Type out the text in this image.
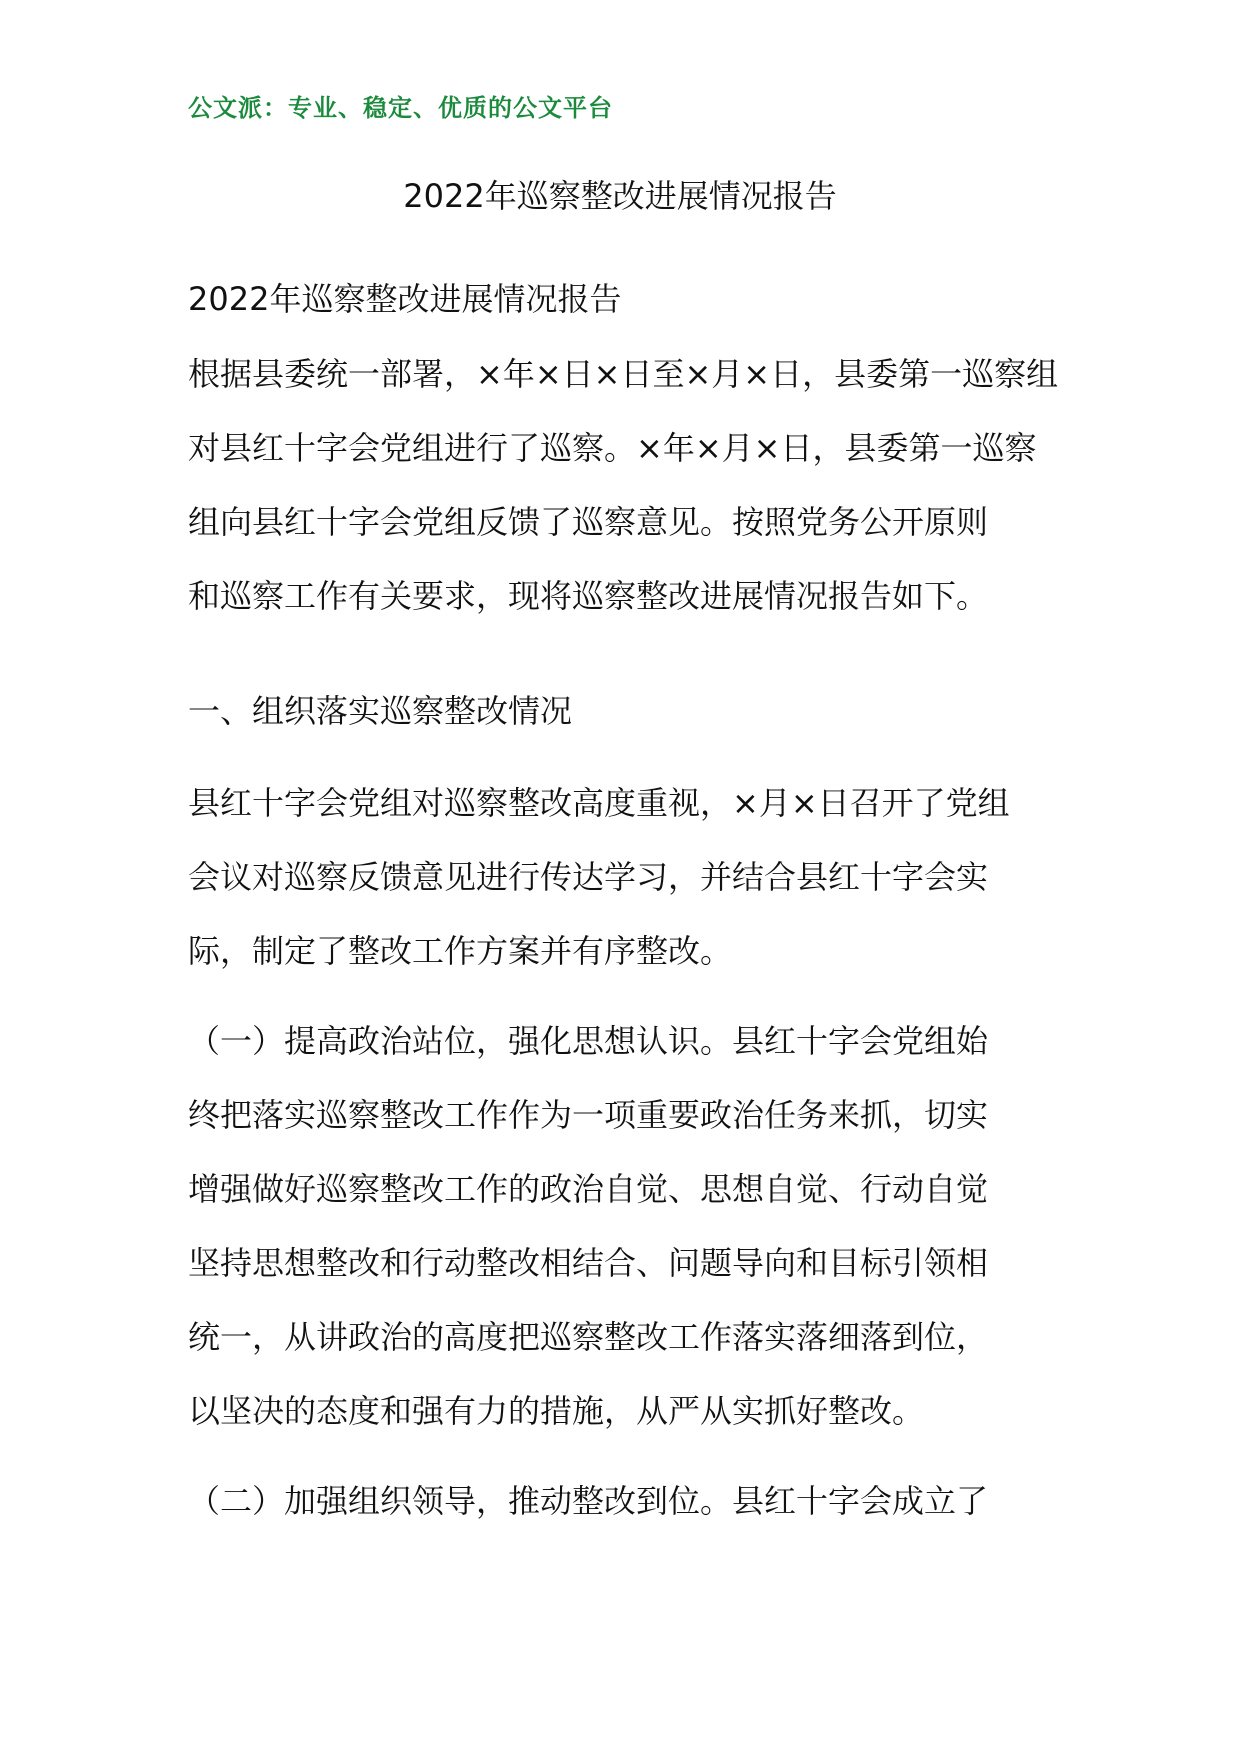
公文派：专业、稳定、优质的公文平台
2022年巡察整改进展情况报告
2022年巡察整改进展情况报告
根据县委统一部署，×年×日×日至×月×日，县委第一巡察组
对县红十字会党组进行了巡察。×年×月×日，县委第一巡察
组向县红十字会党组反馈了巡察意见。按照党务公开原则
和巡察工作有关要求，现将巡察整改进展情况报告如下。
一、组织落实巡察整改情况
县红十字会党组对巡察整改高度重视，×月×日召开了党组
会议对巡察反馈意见进行传达学习，并结合县红十字会实
际，制定了整改工作方案并有序整改。
（一）提高政治站位，强化思想认识。县红十字会党组始
终把落实巡察整改工作作为一项重要政治任务来抓，切实
增强做好巡察整改工作的政治自觉、思想自觉、行动自觉
坚持思想整改和行动整改相结合、问题导向和目标引领相
统一，从讲政治的高度把巡察整改工作落实落细落到位，
以坚决的态度和强有力的措施，从严从实抓好整改。
（二）加强组织领导，推动整改到位。县红十字会成立了
